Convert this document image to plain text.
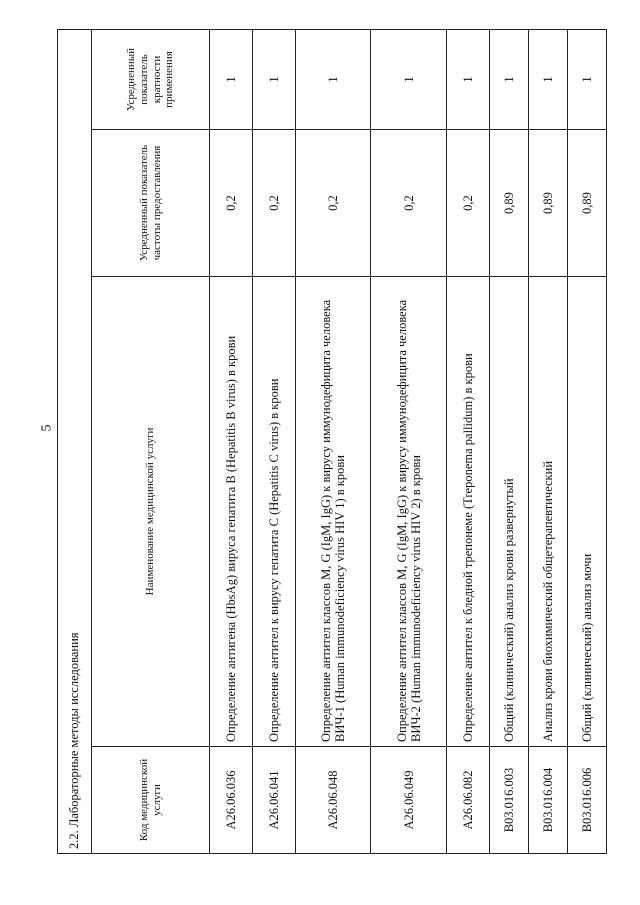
5
2.2. Лабораторные методы исследования			
Код медицинской услуги	Наименование медицинской услуги	Усредненный показатель частоты предоставления	Усредненный показатель кратности применения
A26.06.036	Определение антигена (HbsAg) вируса гепатита B (Hepatitis B virus) в крови	0,2	1
A26.06.041	Определение антител к вирусу гепатита C (Hepatitis C virus) в крови	0,2	1
A26.06.048	Определение антител классов M, G (IgM, IgG) к вирусу иммунодефицита человека ВИЧ-1 (Human immunodeficiency virus HIV 1) в крови	0,2	1
A26.06.049	Определение антител классов M, G (IgM, IgG) к вирусу иммунодефицита человека ВИЧ-2 (Human immunodeficiency virus HIV 2) в крови	0,2	1
A26.06.082	Определение антител к бледной трепонеме (Treponema pallidum) в крови	0,2	1
B03.016.003	Общий (клинический) анализ крови развернутый	0,89	1
B03.016.004	Анализ крови биохимический общетерапевтический	0,89	1
B03.016.006	Общий (клинический) анализ мочи	0,89	1
